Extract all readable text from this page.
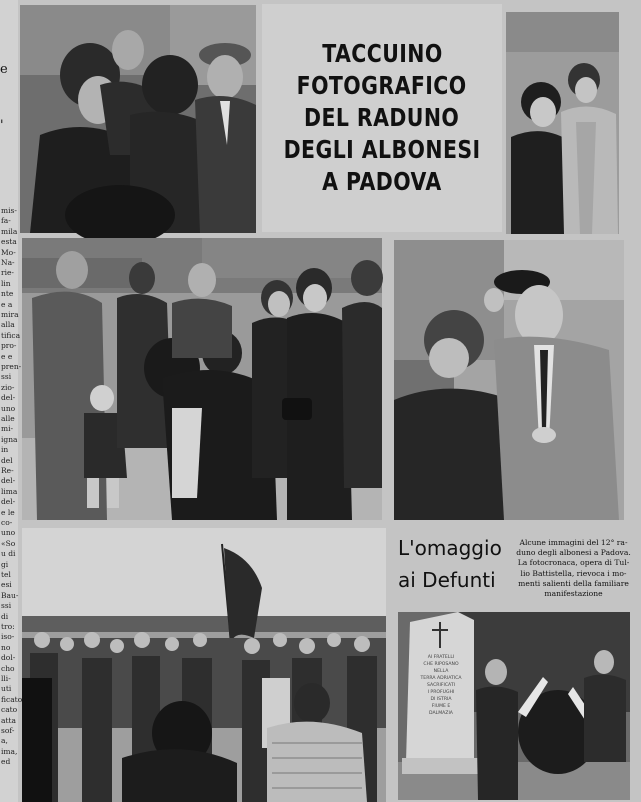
e
'
mis-
fa-
mila
esta
Mo-
Na-
rie-
lin
nte
e a
mira
alla
tifica
pro-
e e
pren-
ssi
zio-
del-
uno
alle
mi-
igna
in
del
Re-
del-
lima
del-
e le
co-
uno
«So
u di
gi
tel
esi
Bau-
ssi
di
tro:
iso-
no
dol-
cho
lli-
uti
ficato
cato
atta
sof-
a,
ima,
ed
TACCUINO
FOTOGRAFICO
DEL RADUNO
DEGLI ALBONESI
A PADOVA
L'omaggio
ai Defunti
Alcune immagini del 12° ra-
duno degli albonesi a Padova.
La fotocronaca, opera di Tul-
lio Battistella, rievoca i mo-
menti salienti della familiare
manifestazione
AI FRATELLI
CHE RIPOSANO
NELLA
TERRA ADRIATICA
SACRIFICATI
I PROFUGHI
DI ISTRIA
FIUME E
DALMAZIA
